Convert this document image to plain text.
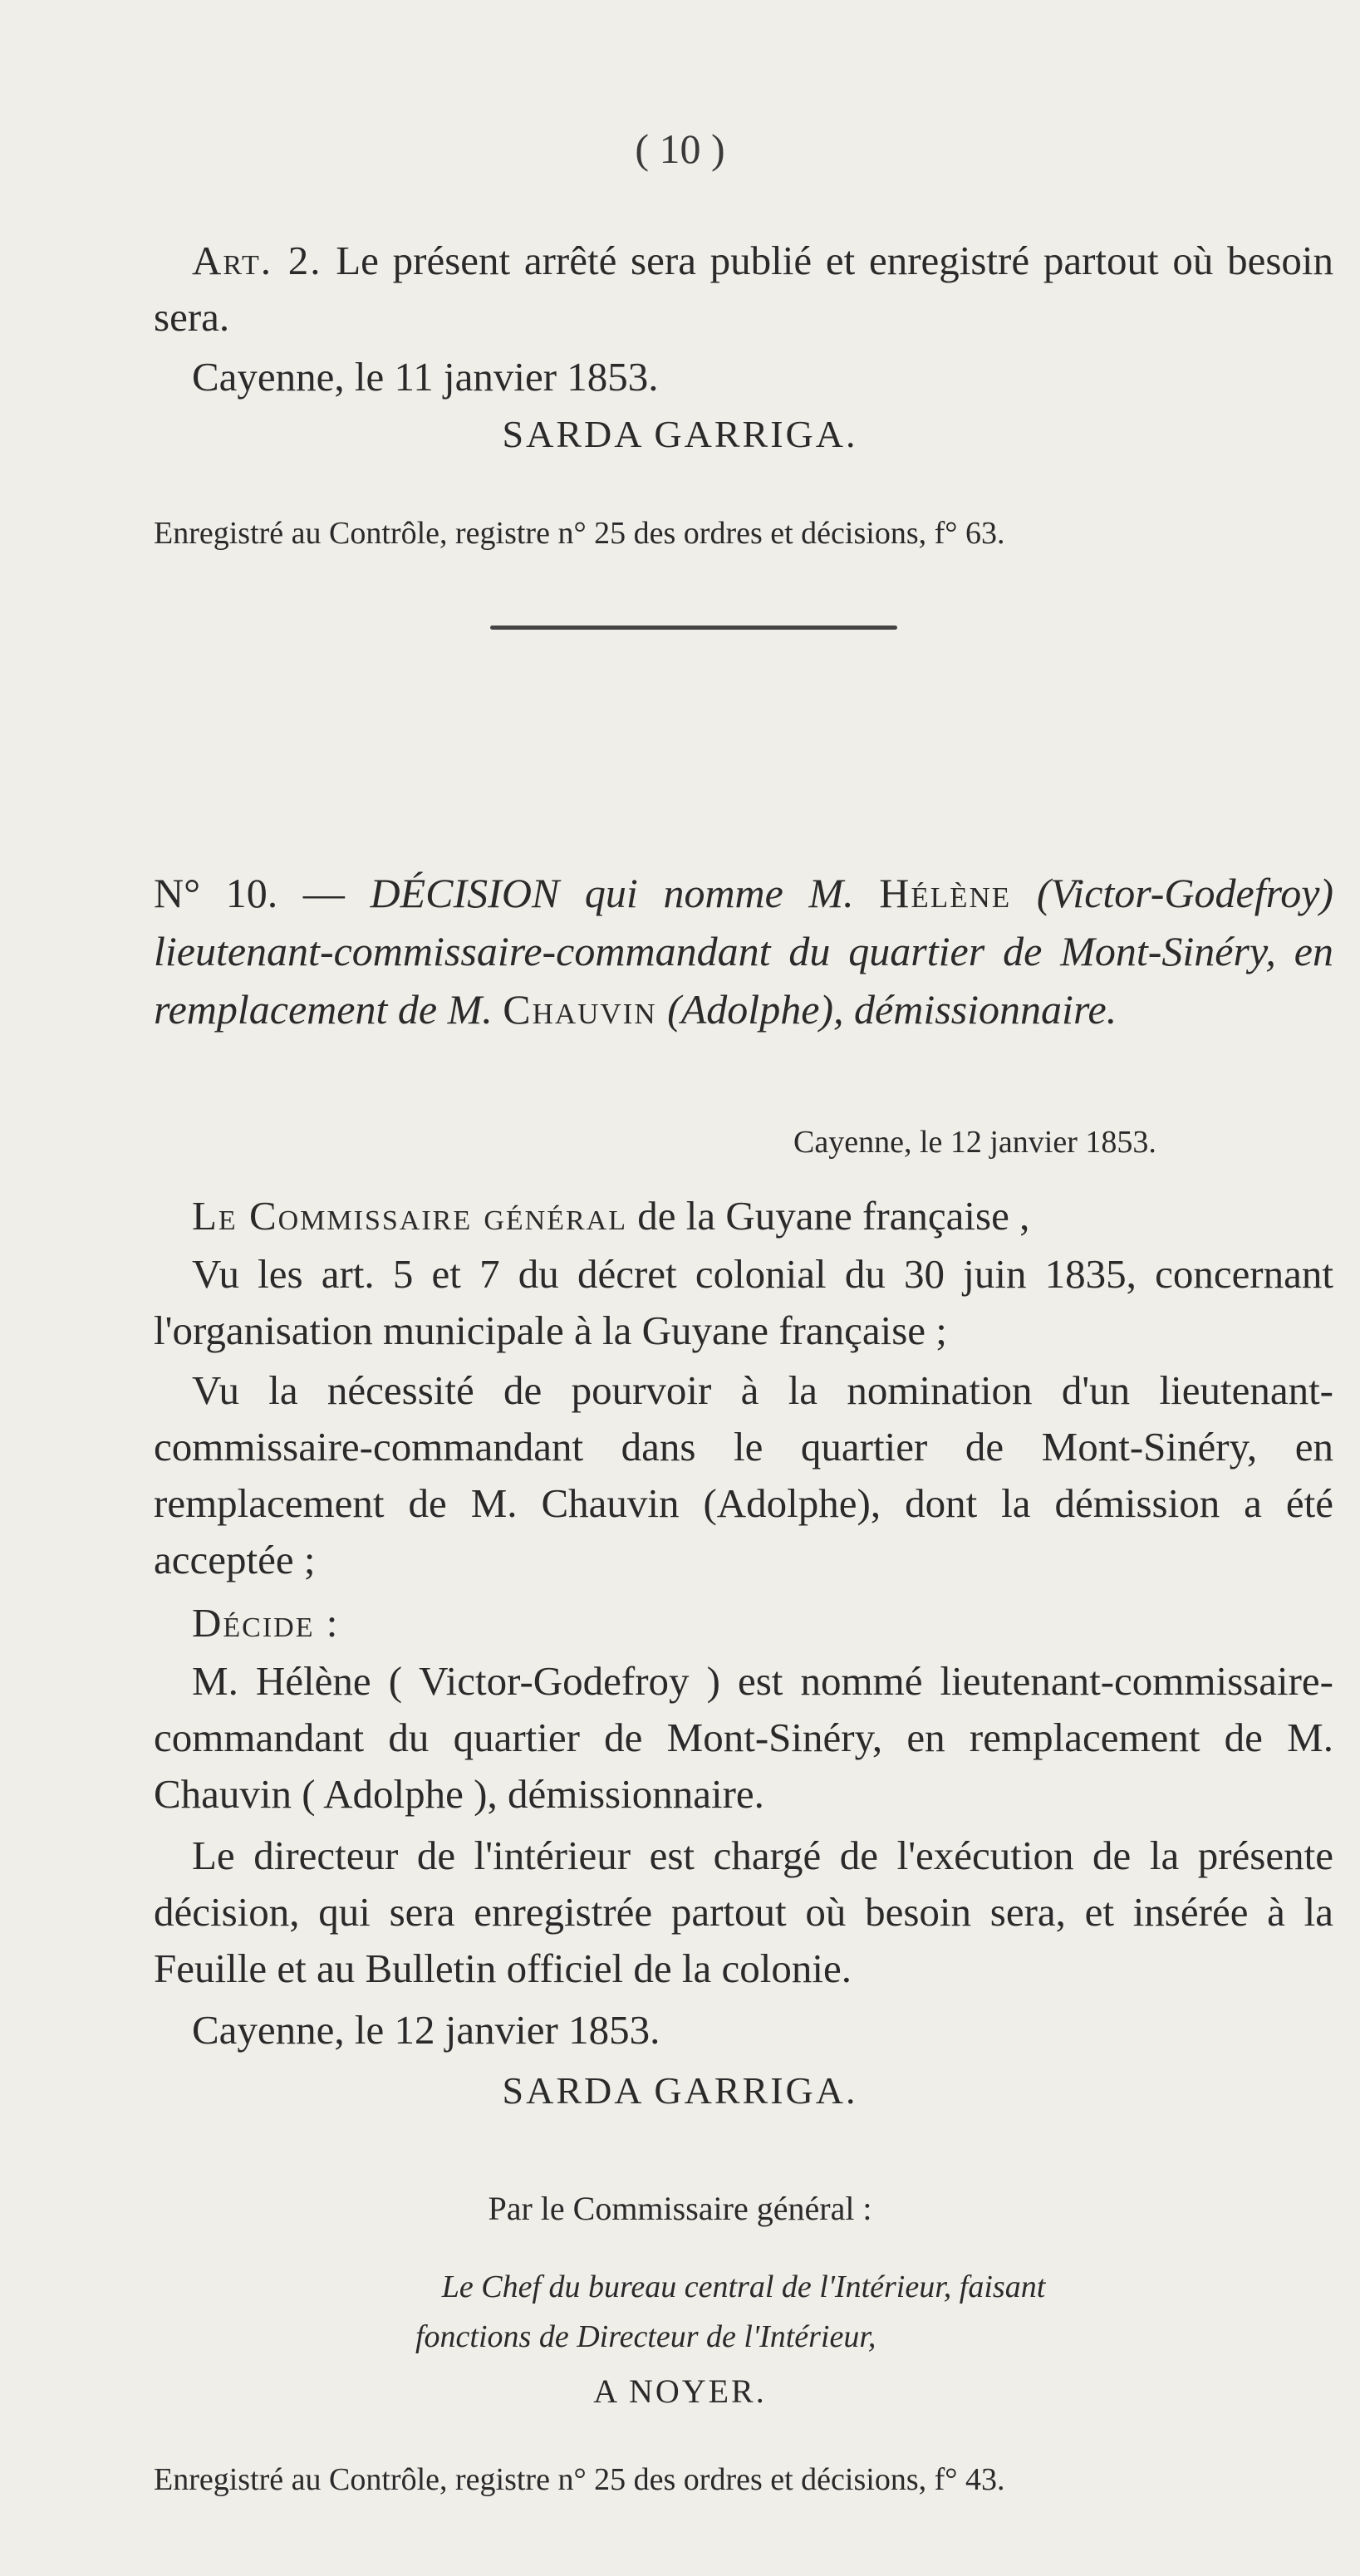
( 10 )

Art. 2. Le présent arrêté sera publié et enregistré partout où besoin sera.

Cayenne, le 11 janvier 1853.

SARDA GARRIGA.
Enregistré au Contrôle, registre n° 25 des ordres et décisions, f° 63.
N° 10. — DÉCISION qui nomme M. Hélène (Victor-Godefroy) lieutenant-commissaire-commandant du quartier de Mont-Sinéry, en remplacement de M. Chauvin (Adolphe), démissionnaire.
Cayenne, le 12 janvier 1853.

Le Commissaire général de la Guyane française ,

Vu les art. 5 et 7 du décret colonial du 30 juin 1835, concernant l'organisation municipale à la Guyane française ;

Vu la nécessité de pourvoir à la nomination d'un lieutenant-commissaire-commandant dans le quartier de Mont-Sinéry, en remplacement de M. Chauvin (Adolphe), dont la démission a été acceptée ;

Décide :

M. Hélène ( Victor-Godefroy ) est nommé lieutenant-commissaire-commandant du quartier de Mont-Sinéry, en remplacement de M. Chauvin ( Adolphe ), démissionnaire.

Le directeur de l'intérieur est chargé de l'exécution de la présente décision, qui sera enregistrée partout où besoin sera, et insérée à la Feuille et au Bulletin officiel de la colonie.

Cayenne, le 12 janvier 1853.

SARDA GARRIGA.
Par le Commissaire général :
Le Chef du bureau central de l'Intérieur, faisant
fonctions de Directeur de l'Intérieur,
A NOYER.
Enregistré au Contrôle, registre n° 25 des ordres et décisions, f° 43.
